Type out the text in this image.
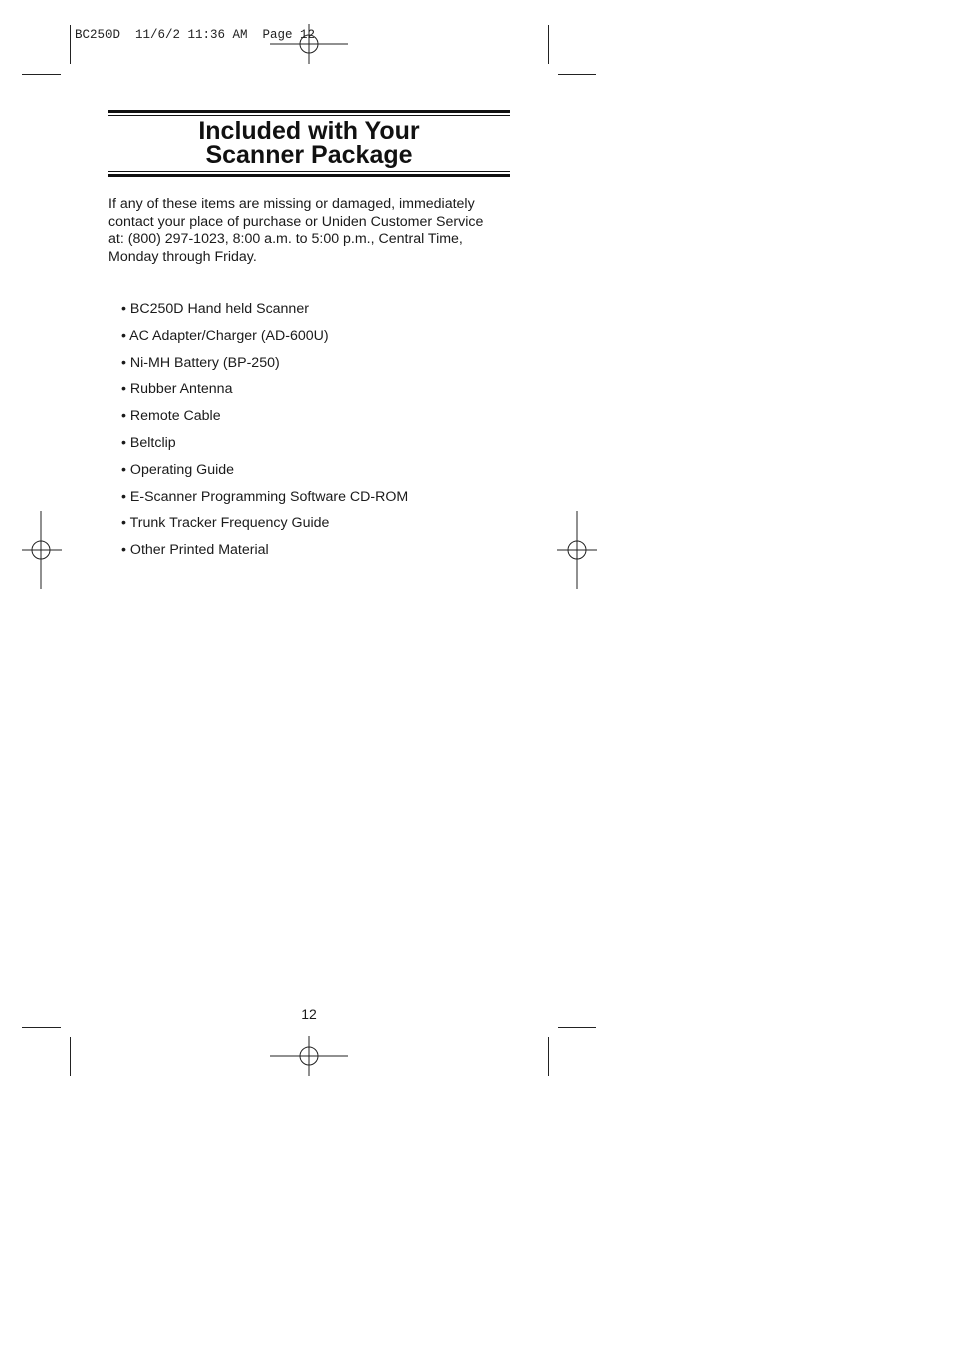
BC250D  11/6/2 11:36 AM  Page 12
Included with Your
Scanner Package

If any of these items are missing or damaged, immediately
contact your place of purchase or Uniden Customer Service
at: (800) 297-1023, 8:00 a.m. to 5:00 p.m., Central Time,
Monday through Friday.

• BC250D Hand held Scanner
• AC Adapter/Charger (AD-600U)
• Ni-MH Battery (BP-250)
• Rubber Antenna
• Remote Cable
• Beltclip
• Operating Guide
• E-Scanner Programming Software CD-ROM
• Trunk Tracker Frequency Guide
• Other Printed Material
12
